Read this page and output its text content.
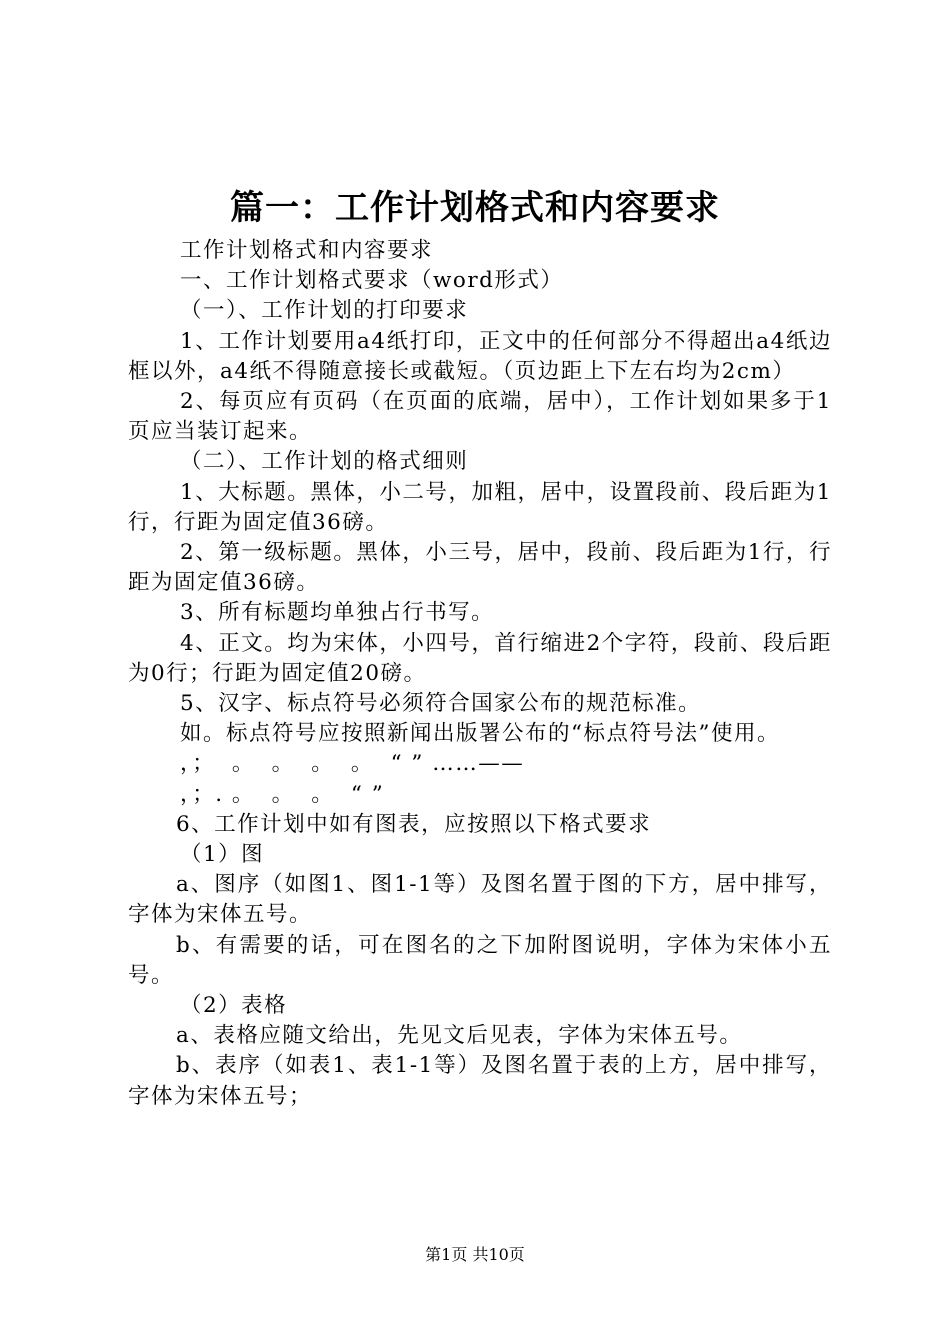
篇一：工作计划格式和内容要求

工作计划格式和内容要求

一、工作计划格式要求（word形式）

（一）、工作计划的打印要求

1、工作计划要用a4纸打印，正文中的任何部分不得超出a4纸边框以外，a4纸不得随意接长或截短。（页边距上下左右均为2cm）

2、每页应有页码（在页面的底端，居中），工作计划如果多于1页应当装订起来。

（二）、工作计划的格式细则

1、大标题。黑体，小二号，加粗，居中，设置段前、段后距为1行，行距为固定值36磅。

2、第一级标题。黑体，小三号，居中，段前、段后距为1行，行距为固定值36磅。

3、所有标题均单独占行书写。

4、正文。均为宋体，小四号，首行缩进2个字符，段前、段后距为0行；行距为固定值20磅。

5、汉字、标点符号必须符合国家公布的规范标准。

如。标点符号应按照新闻出版署公布的“标点符号法”使用。

，；  。  。  。  。  “ ” ……——

，；. 。  。  。  “ ”

6、工作计划中如有图表，应按照以下格式要求

（1）图

a、图序（如图1、图1-1等）及图名置于图的下方，居中排写，字体为宋体五号。

b、有需要的话，可在图名的之下加附图说明，字体为宋体小五号。

（2）表格

a、表格应随文给出，先见文后见表，字体为宋体五号。

b、表序（如表1、表1-1等）及图名置于表的上方，居中排写，字体为宋体五号；

第1页 共10页
